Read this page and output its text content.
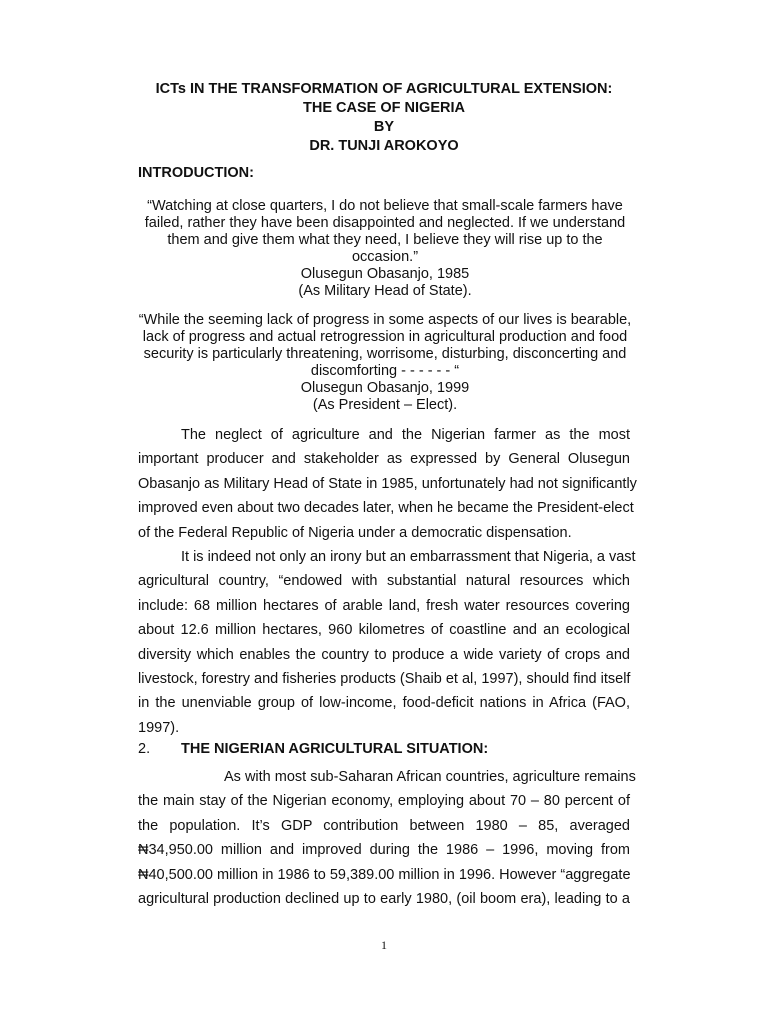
ICTs IN THE TRANSFORMATION OF AGRICULTURAL EXTENSION:
THE CASE OF NIGERIA
BY
DR. TUNJI AROKOYO
INTRODUCTION:
“Watching at close quarters, I do not believe that small-scale farmers have
failed, rather they have been disappointed and neglected. If we understand
them and give them what they need, I believe they will rise up to the
occasion.”
Olusegun Obasanjo, 1985
(As Military Head of State).
“While the seeming lack of progress in some aspects of our lives is bearable,
lack of progress and actual retrogression in agricultural production and food
security is particularly threatening, worrisome, disturbing, disconcerting and
discomforting - - - - - - “
Olusegun Obasanjo, 1999
(As President – Elect).
The neglect of agriculture and the Nigerian farmer as the most
important producer and stakeholder as expressed by General Olusegun
Obasanjo as Military Head of State in 1985, unfortunately had not significantly
improved even about two decades later, when he became the President-elect
of the Federal Republic of Nigeria under a democratic dispensation.
It is indeed not only an irony but an embarrassment that Nigeria, a vast
agricultural country, “endowed with substantial natural resources which
include: 68 million hectares of arable land, fresh water resources covering
about 12.6 million hectares, 960 kilometres of coastline and an ecological
diversity which enables the country to produce a wide variety of crops and
livestock, forestry and fisheries products (Shaib et al, 1997), should find itself
in the unenviable group of low-income, food-deficit nations in Africa (FAO,
1997).
2. THE NIGERIAN AGRICULTURAL SITUATION:
As with most sub-Saharan African countries, agriculture remains
the main stay of the Nigerian economy, employing about 70 – 80 percent of
the population. It’s GDP contribution between 1980 – 85, averaged
₦34,950.00 million and improved during the 1986 – 1996, moving from
₦40,500.00 million in 1986 to 59,389.00 million in 1996. However “aggregate
agricultural production declined up to early 1980, (oil boom era), leading to a
1
